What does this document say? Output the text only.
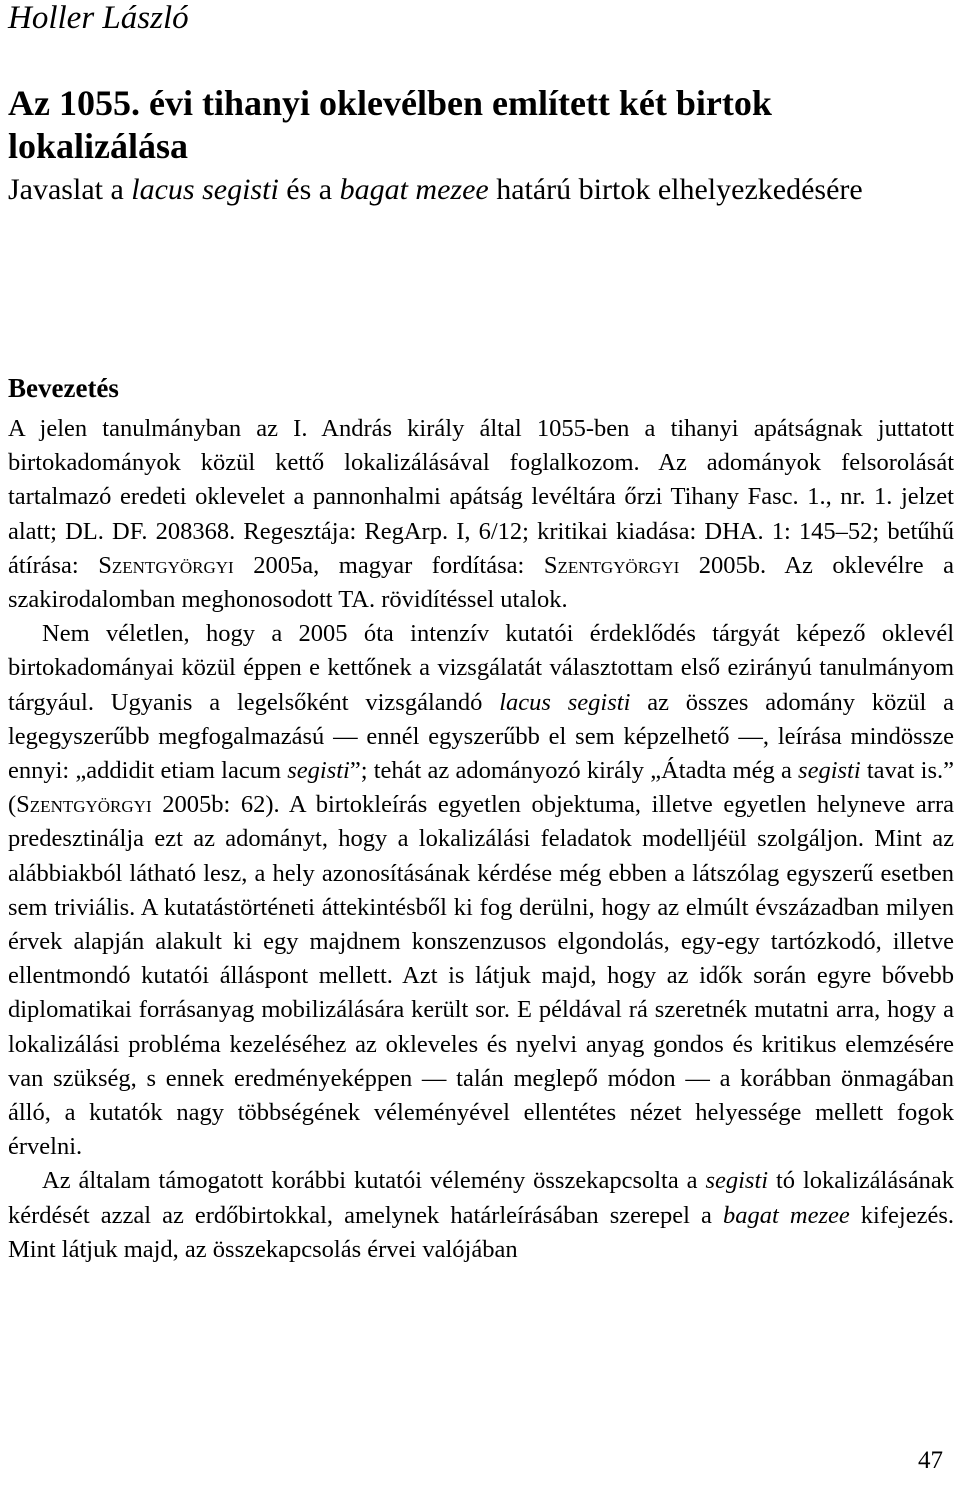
Holler László
Az 1055. évi tihanyi oklevélben említett két birtok lokalizálása
Javaslat a lacus segisti és a bagat mezee határú birtok elhelyezkedésére
Bevezetés

A jelen tanulmányban az I. András király által 1055-ben a tihanyi apátságnak juttatott birtokadományok közül kettő lokalizálásával foglalkozom. Az adományok felsorolását tartalmazó eredeti oklevelet a pannonhalmi apátság levéltára őrzi Tihany Fasc. 1., nr. 1. jelzet alatt; DL. DF. 208368. Regesztája: RegArp. I, 6/12; kritikai kiadása: DHA. 1: 145–52; betűhű átírása: Szentgyörgyi 2005a, magyar fordítása: Szentgyörgyi 2005b. Az oklevélre a szakirodalomban meghonosodott TA. rövidítéssel utalok.

Nem véletlen, hogy a 2005 óta intenzív kutatói érdeklődés tárgyát képező oklevél birtokadományai közül éppen e kettőnek a vizsgálatát választottam első ezirányú tanulmányom tárgyául. Ugyanis a legelsőként vizsgálandó lacus segisti az összes adomány közül a legegyszerűbb megfogalmazású — ennél egyszerűbb el sem képzelhető —, leírása mindössze ennyi: „addidit etiam lacum segisti”; tehát az adományozó király „Átadta még a segisti tavat is.” (Szentgyörgyi 2005b: 62). A birtokleírás egyetlen objektuma, illetve egyetlen helyneve arra predesztinálja ezt az adományt, hogy a lokalizálási feladatok modelljéül szolgáljon. Mint az alábbiakból látható lesz, a hely azonosításának kérdése még ebben a látszólag egyszerű esetben sem triviális. A kutatástörténeti áttekintésből ki fog derülni, hogy az elmúlt évszázadban milyen érvek alapján alakult ki egy majdnem konszenzusos elgondolás, egy-egy tartózkodó, illetve ellentmondó kutatói álláspont mellett. Azt is látjuk majd, hogy az idők során egyre bővebb diplomatikai forrásanyag mobilizálására került sor. E példával rá szeretnék mutatni arra, hogy a lokalizálási probléma kezeléséhez az okleveles és nyelvi anyag gondos és kritikus elemzésére van szükség, s ennek eredményeképpen — talán meglepő módon — a korábban önmagában álló, a kutatók nagy többségének véleményével ellentétes nézet helyessége mellett fogok érvelni.

Az általam támogatott korábbi kutatói vélemény összekapcsolta a segisti tó lokalizálásának kérdését azzal az erdőbirtokkal, amelynek határleírásában szerepel a bagat mezee kifejezés. Mint látjuk majd, az összekapcsolás érvei valójában

47
